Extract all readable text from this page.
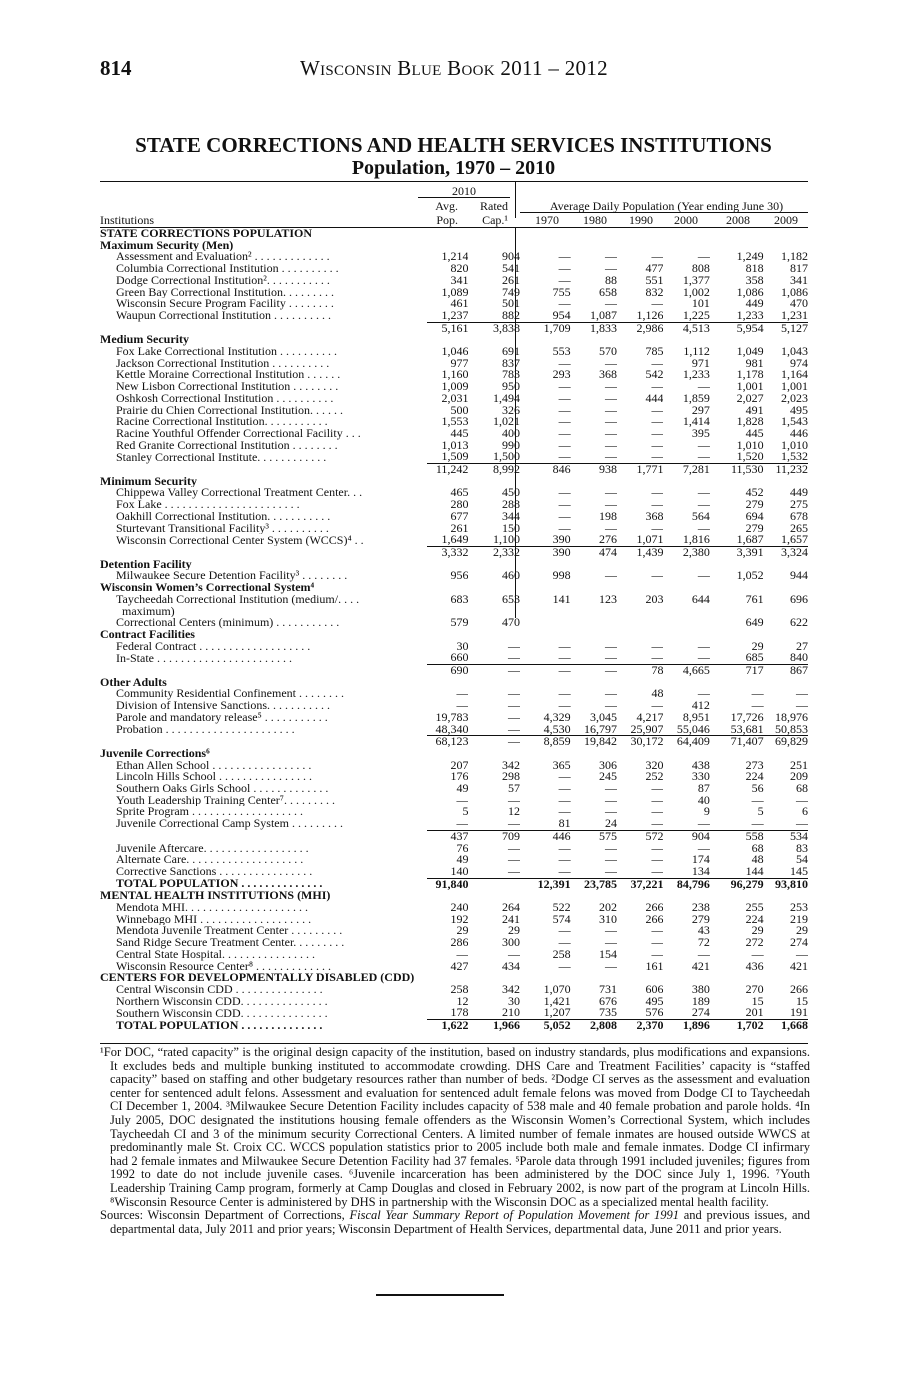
814	Wisconsin Blue Book 2011 – 2012
STATE CORRECTIONS AND HEALTH SERVICES INSTITUTIONS
Population, 1970 – 2010
2010
Avg.	Rated	Average Daily Population (Year ending June 30)
Institutions	Pop.	Cap.¹	1970	1980	1990	2000	2008	2009
STATE CORRECTIONS POPULATION								
Maximum Security (Men)								
Assessment and Evaluation² . . . . . . . . . . . . .	1,214	904	—	—	—	—	1,249	1,182
Columbia Correctional Institution . . . . . . . . . .	820	541	—	—	477	808	818	817
Dodge Correctional Institution². . . . . . . . . . .	341	261	—	88	551	1,377	358	341
Green Bay Correctional Institution. . . . . . . . .	1,089	749	755	658	832	1,002	1,086	1,086
Wisconsin Secure Program Facility . . . . . . . .	461	501	—	—	—	101	449	470
Waupun Correctional Institution . . . . . . . . . .	1,237	882	954	1,087	1,126	1,225	1,233	1,231
	5,161	3,838	1,709	1,833	2,986	4,513	5,954	5,127
Medium Security								
Fox Lake Correctional Institution . . . . . . . . . .	1,046	691	553	570	785	1,112	1,049	1,043
Jackson Correctional Institution . . . . . . . . . .	977	837	—	—	—	971	981	974
Kettle Moraine Correctional Institution . . . . . .	1,160	783	293	368	542	1,233	1,178	1,164
New Lisbon Correctional Institution . . . . . . . .	1,009	950	—	—	—	—	1,001	1,001
Oshkosh Correctional Institution . . . . . . . . . .	2,031	1,494	—	—	444	1,859	2,027	2,023
Prairie du Chien Correctional Institution. . . . . .	500	326	—	—	—	297	491	495
Racine Correctional Institution. . . . . . . . . . .	1,553	1,021	—	—	—	1,414	1,828	1,543
Racine Youthful Offender Correctional Facility . . .	445	400	—	—	—	395	445	446
Red Granite Correctional Institution . . . . . . . .	1,013	990	—	—	—	—	1,010	1,010
Stanley Correctional Institute. . . . . . . . . . . .	1,509	1,500	—	—	—	—	1,520	1,532
	11,242	8,992	846	938	1,771	7,281	11,530	11,232
Minimum Security								
Chippewa Valley Correctional Treatment Center. . .	465	450	—	—	—	—	452	449
Fox Lake . . . . . . . . . . . . . . . . . . . . . . .	280	288	—	—	—	—	279	275
Oakhill Correctional Institution. . . . . . . . . . .	677	344	—	198	368	564	694	678
Sturtevant Transitional Facility³ . . . . . . . . . .	261	150	—	—	—	—	279	265
Wisconsin Correctional Center System (WCCS)⁴ . .	1,649	1,100	390	276	1,071	1,816	1,687	1,657
	3,332	2,332	390	474	1,439	2,380	3,391	3,324
Detention Facility								
Milwaukee Secure Detention Facility³ . . . . . . . .	956	460	998	—	—	—	1,052	944
Wisconsin Women’s Correctional System⁴								
Taycheedah Correctional Institution (medium/. . . .	683	653	141	123	203	644	761	696
maximum)								
Correctional Centers (minimum) . . . . . . . . . . .	579	470					649	622
Contract Facilities								
Federal Contract . . . . . . . . . . . . . . . . . . .	30	—	—	—	—	—	29	27
In-State . . . . . . . . . . . . . . . . . . . . . . .	660	—	—	—	—	—	685	840
	690	—	—	—	78	4,665	717	867
Other Adults								
Community Residential Confinement . . . . . . . .	—	—	—	—	48	—	—	—
Division of Intensive Sanctions. . . . . . . . . . .	—	—	—	—	—	412	—	—
Parole and mandatory release⁵ . . . . . . . . . . .	19,783	—	4,329	3,045	4,217	8,951	17,726	18,976
Probation . . . . . . . . . . . . . . . . . . . . . .	48,340	—	4,530	16,797	25,907	55,046	53,681	50,853
	68,123	—	8,859	19,842	30,172	64,409	71,407	69,829
Juvenile Corrections⁶								
Ethan Allen School . . . . . . . . . . . . . . . . .	207	342	365	306	320	438	273	251
Lincoln Hills School . . . . . . . . . . . . . . . .	176	298	—	245	252	330	224	209
Southern Oaks Girls School . . . . . . . . . . . . .	49	57	—	—	—	87	56	68
Youth Leadership Training Center⁷. . . . . . . . .	—	—	—	—	—	40	—	—
Sprite Program . . . . . . . . . . . . . . . . . . .	5	12	—	—	—	9	5	6
Juvenile Correctional Camp System . . . . . . . . .	—	—	81	24	—	—	—	—
	437	709	446	575	572	904	558	534
Juvenile Aftercare. . . . . . . . . . . . . . . . . .	76	—	—	—	—	—	68	83
Alternate Care. . . . . . . . . . . . . . . . . . . .	49	—	—	—	—	174	48	54
Corrective Sanctions . . . . . . . . . . . . . . . .	140	—	—	—	—	134	144	145
TOTAL POPULATION . . . . . . . . . . . . . .	91,840		12,391	23,785	37,221	84,796	96,279	93,810
MENTAL HEALTH INSTITUTIONS (MHI)								
Mendota MHI. . . . . . . . . . . . . . . . . . . . .	240	264	522	202	266	238	255	253
Winnebago MHI . . . . . . . . . . . . . . . . . . .	192	241	574	310	266	279	224	219
Mendota Juvenile Treatment Center . . . . . . . . .	29	29	—	—	—	43	29	29
Sand Ridge Secure Treatment Center. . . . . . . . .	286	300	—	—	—	72	272	274
Central State Hospital. . . . . . . . . . . . . . . .	—	—	258	154	—	—	—	—
Wisconsin Resource Center⁸ . . . . . . . . . . . . .	427	434	—	—	161	421	436	421
CENTERS FOR DEVELOPMENTALLY DISABLED (CDD)								
Central Wisconsin CDD . . . . . . . . . . . . . . .	258	342	1,070	731	606	380	270	266
Northern Wisconsin CDD. . . . . . . . . . . . . . .	12	30	1,421	676	495	189	15	15
Southern Wisconsin CDD. . . . . . . . . . . . . . .	178	210	1,207	735	576	274	201	191
TOTAL POPULATION . . . . . . . . . . . . . .	1,622	1,966	5,052	2,808	2,370	1,896	1,702	1,668

¹For DOC, “rated capacity” is the original design capacity of the institution, based on industry standards, plus modifications and expansions. It excludes beds and multiple bunking instituted to accommodate crowding. DHS Care and Treatment Facilities’ capacity is “staffed capacity” based on staffing and other budgetary resources rather than number of beds. ²Dodge CI serves as the assessment and evaluation center for sentenced adult felons. Assessment and evaluation for sentenced adult female felons was moved from Dodge CI to Taycheedah CI December 1, 2004. ³Milwaukee Secure Detention Facility includes capacity of 538 male and 40 female probation and parole holds. ⁴In July 2005, DOC designated the institutions housing female offenders as the Wisconsin Women’s Correctional System, which includes Taycheedah CI and 3 of the minimum security Correctional Centers. A limited number of female inmates are housed outside WWCS at predominantly male St. Croix CC. WCCS population statistics prior to 2005 include both male and female inmates. Dodge CI infirmary had 2 female inmates and Milwaukee Secure Detention Facility had 37 females. ⁵Parole data through 1991 included juveniles; figures from 1992 to date do not include juvenile cases. ⁶Juvenile incarceration has been administered by the DOC since July 1, 1996. ⁷Youth Leadership Training Camp program, formerly at Camp Douglas and closed in February 2002, is now part of the program at Lincoln Hills. ⁸Wisconsin Resource Center is administered by DHS in partnership with the Wisconsin DOC as a specialized mental health facility.

Sources: Wisconsin Department of Corrections, Fiscal Year Summary Report of Population Movement for 1991 and previous issues, and departmental data, July 2011 and prior years; Wisconsin Department of Health Services, departmental data, June 2011 and prior years.
